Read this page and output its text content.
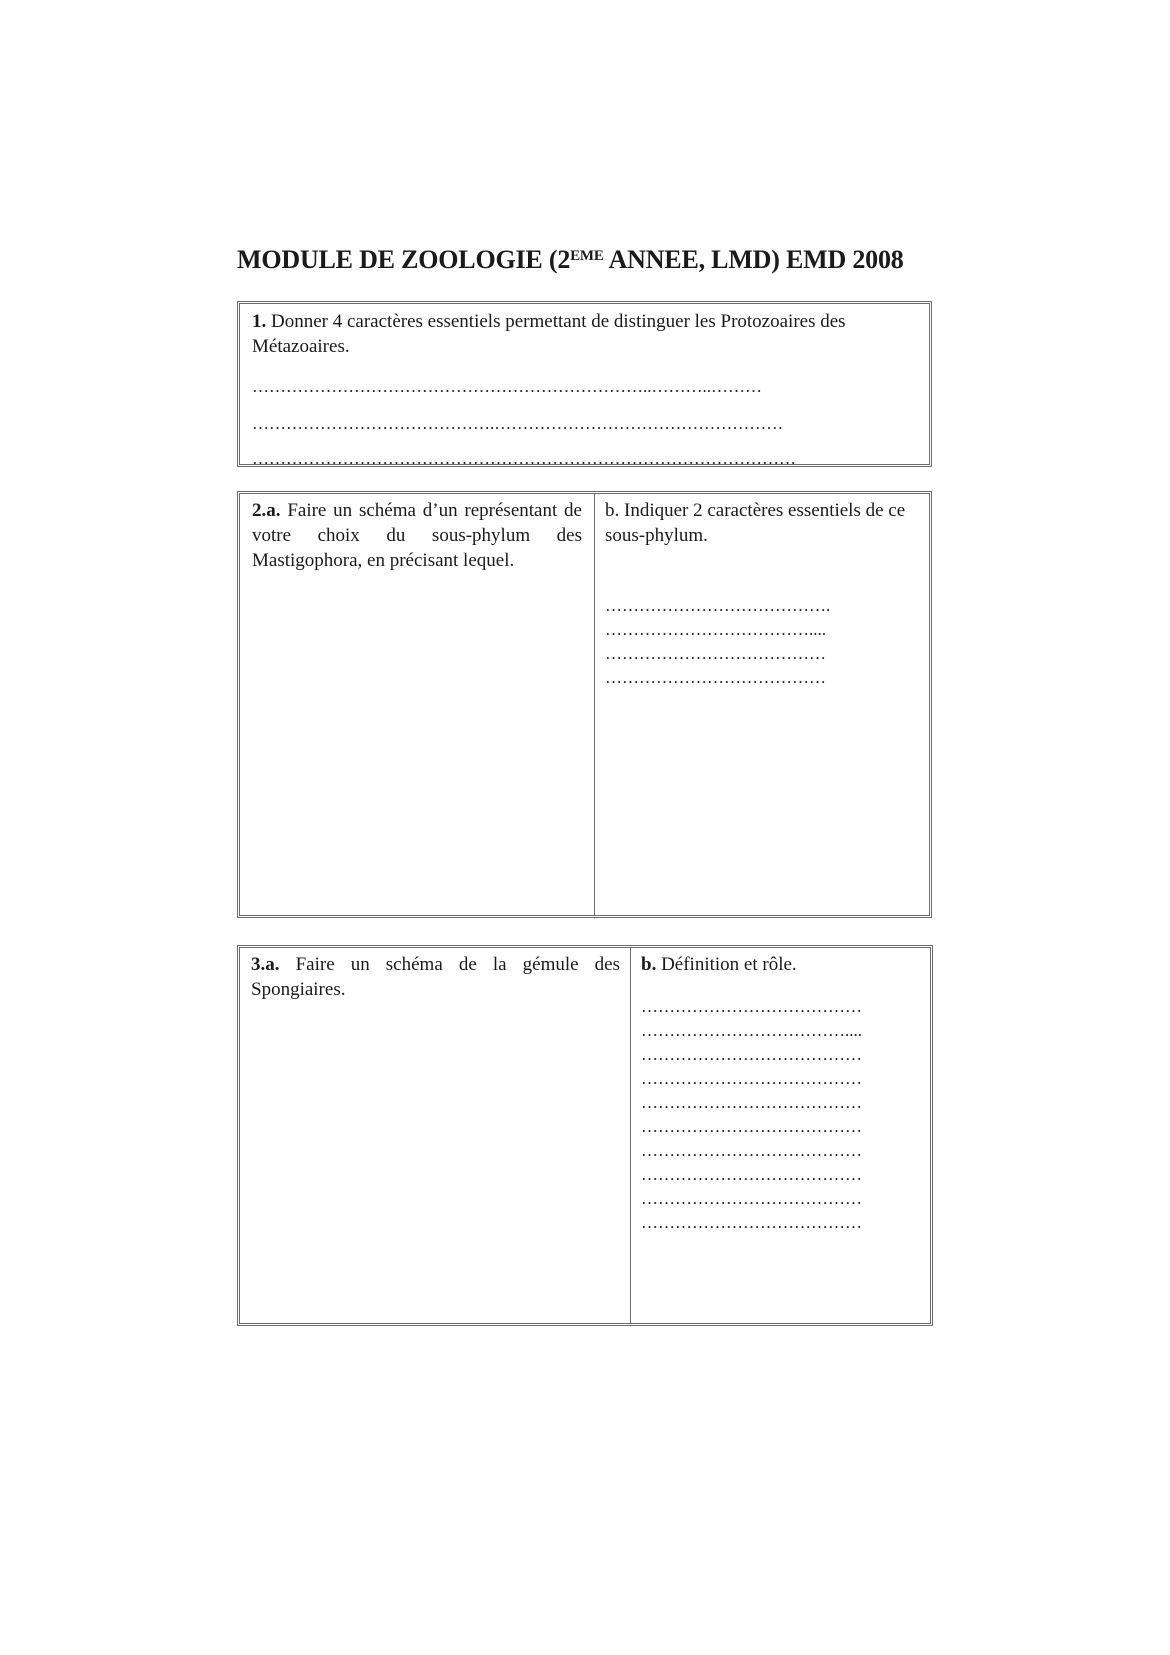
MODULE DE ZOOLOGIE (2EME ANNEE, LMD) EMD 2008
1. Donner 4 caractères essentiels permettant de distinguer les Protozoaires des Métazoaires.
……………………………………………………………..………..………
…………………………………….……………………………………………
……………………………………………………………………………………
2.a. Faire un schéma d’un représentant de votre choix du sous-phylum des Mastigophora, en précisant lequel.
b. Indiquer 2 caractères essentiels de ce sous-phylum.
………………………………….
………………………………....
…………………………………
…………………………………
3.a. Faire un schéma de la gémule des Spongiaires.
b. Définition et rôle.
…………………………………
………………………………....
…………………………………
…………………………………
…………………………………
…………………………………
…………………………………
…………………………………
…………………………………
…………………………………
